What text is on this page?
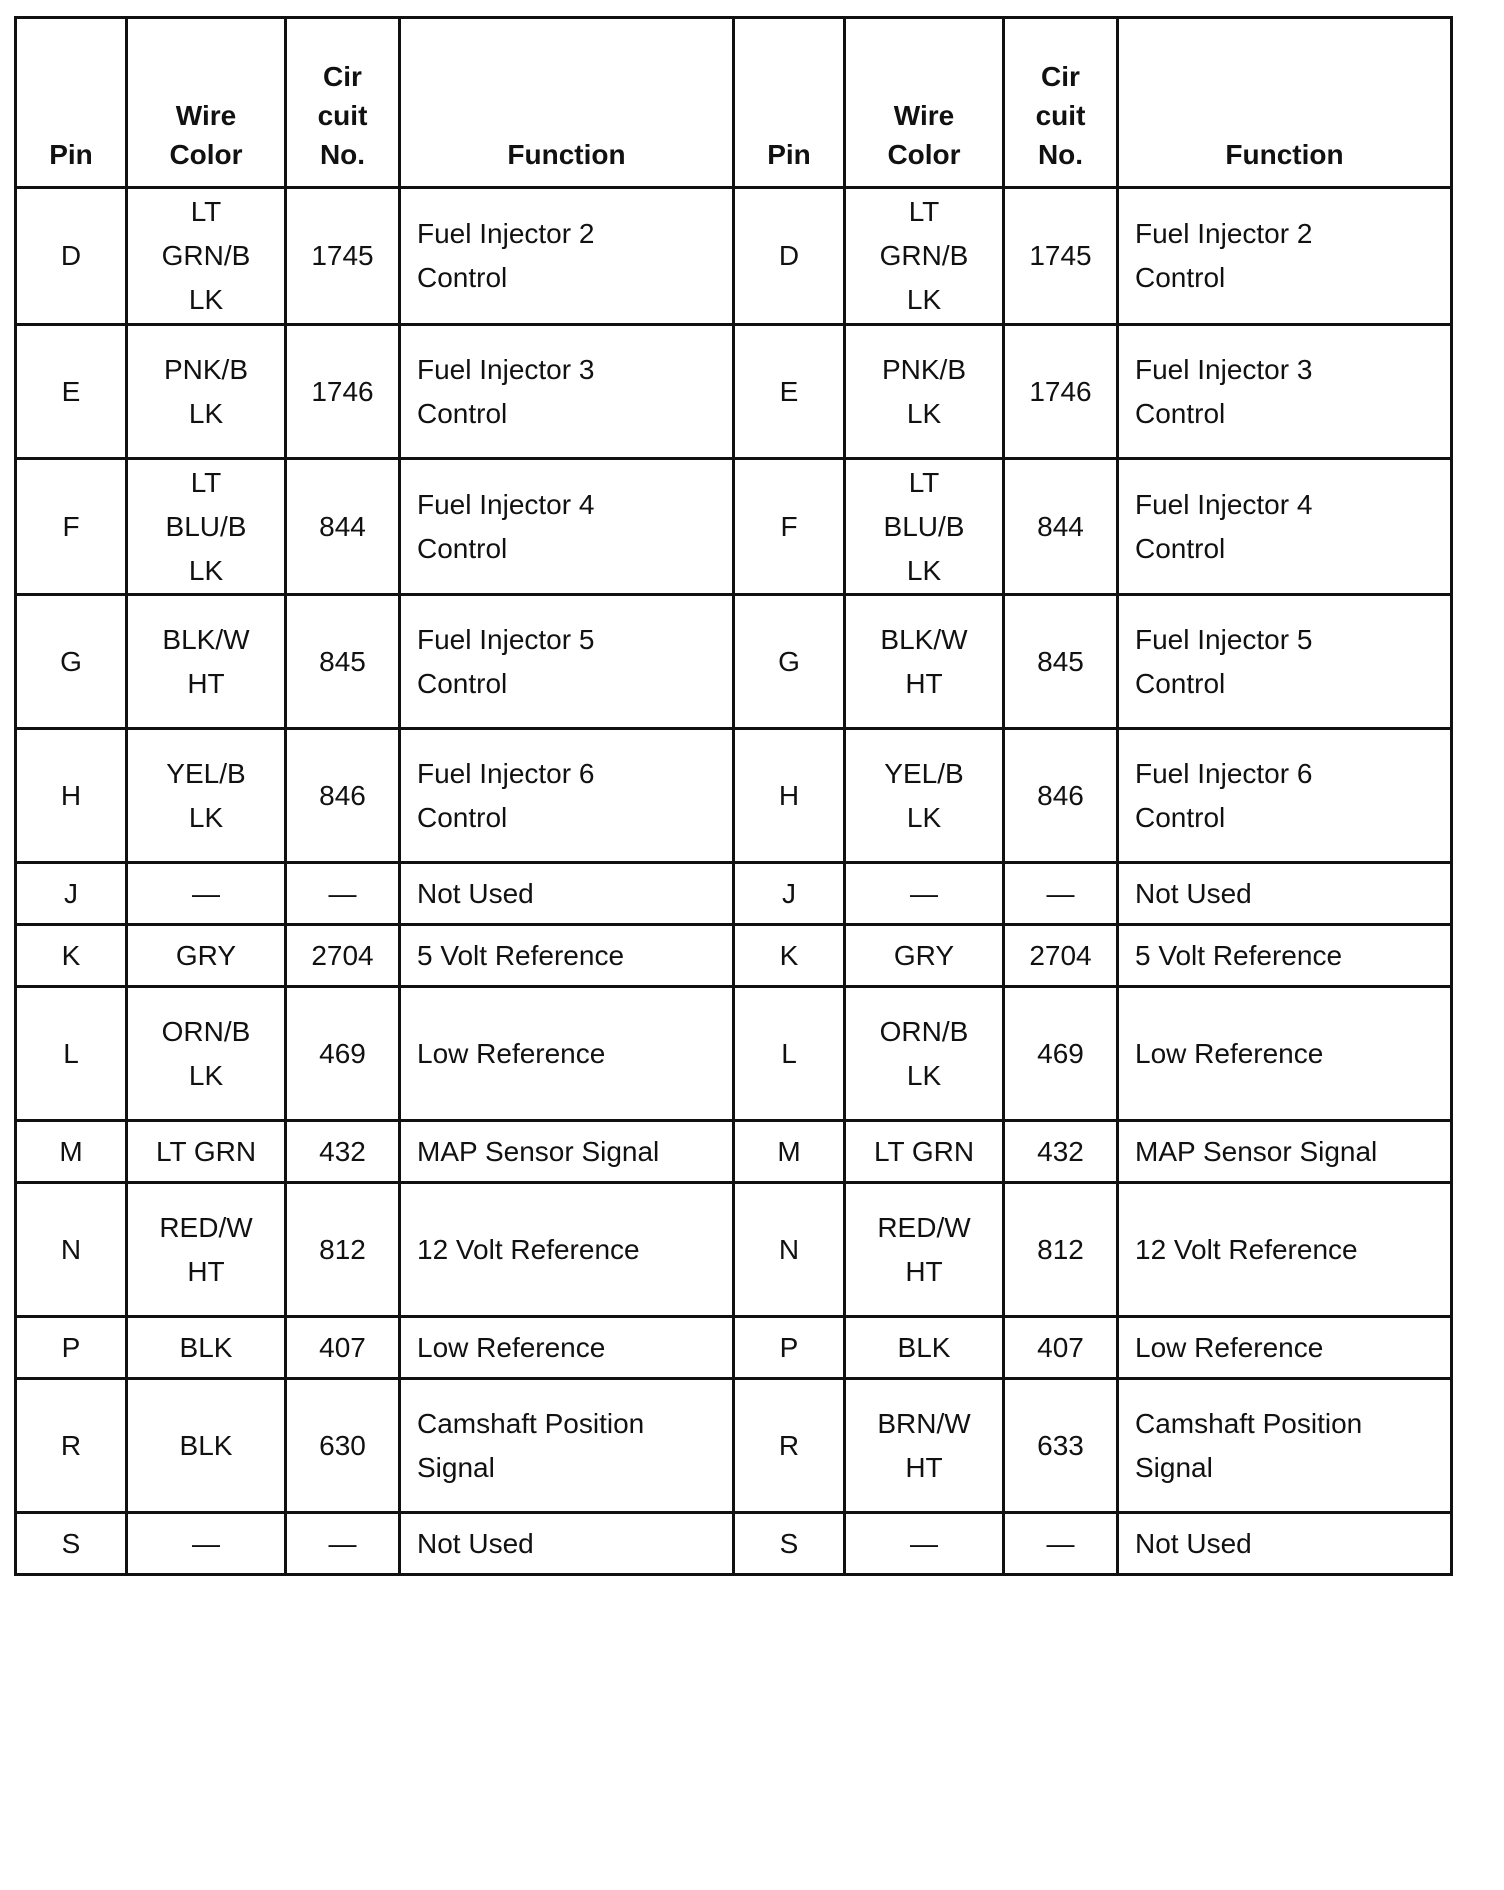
Pin	Wire
Color	Cir
cuit
No.	Function	Pin	Wire
Color	Cir
cuit
No.	Function

D	LT
GRN/B
LK	1745	Fuel Injector 2
Control	D	LT
GRN/B
LK	1745	Fuel Injector 2
Control

E	PNK/B
LK	1746	Fuel Injector 3
Control	E	PNK/B
LK	1746	Fuel Injector 3
Control

F	LT
BLU/B
LK	844	Fuel Injector 4
Control	F	LT
BLU/B
LK	844	Fuel Injector 4
Control

G	BLK/W
HT	845	Fuel Injector 5
Control	G	BLK/W
HT	845	Fuel Injector 5
Control

H	YEL/B
LK	846	Fuel Injector 6
Control	H	YEL/B
LK	846	Fuel Injector 6
Control

J	—	—	Not Used	J	—	—	Not Used

K	GRY	2704	5 Volt Reference	K	GRY	2704	5 Volt Reference

L	ORN/B
LK	469	Low Reference	L	ORN/B
LK	469	Low Reference

M	LT GRN	432	MAP Sensor Signal	M	LT GRN	432	MAP Sensor Signal

N	RED/W
HT	812	12 Volt Reference	N	RED/W
HT	812	12 Volt Reference

P	BLK	407	Low Reference	P	BLK	407	Low Reference

R	BLK	630	Camshaft Position
Signal	R	BRN/W
HT	633	Camshaft Position
Signal

S	—	—	Not Used	S	—	—	Not Used
